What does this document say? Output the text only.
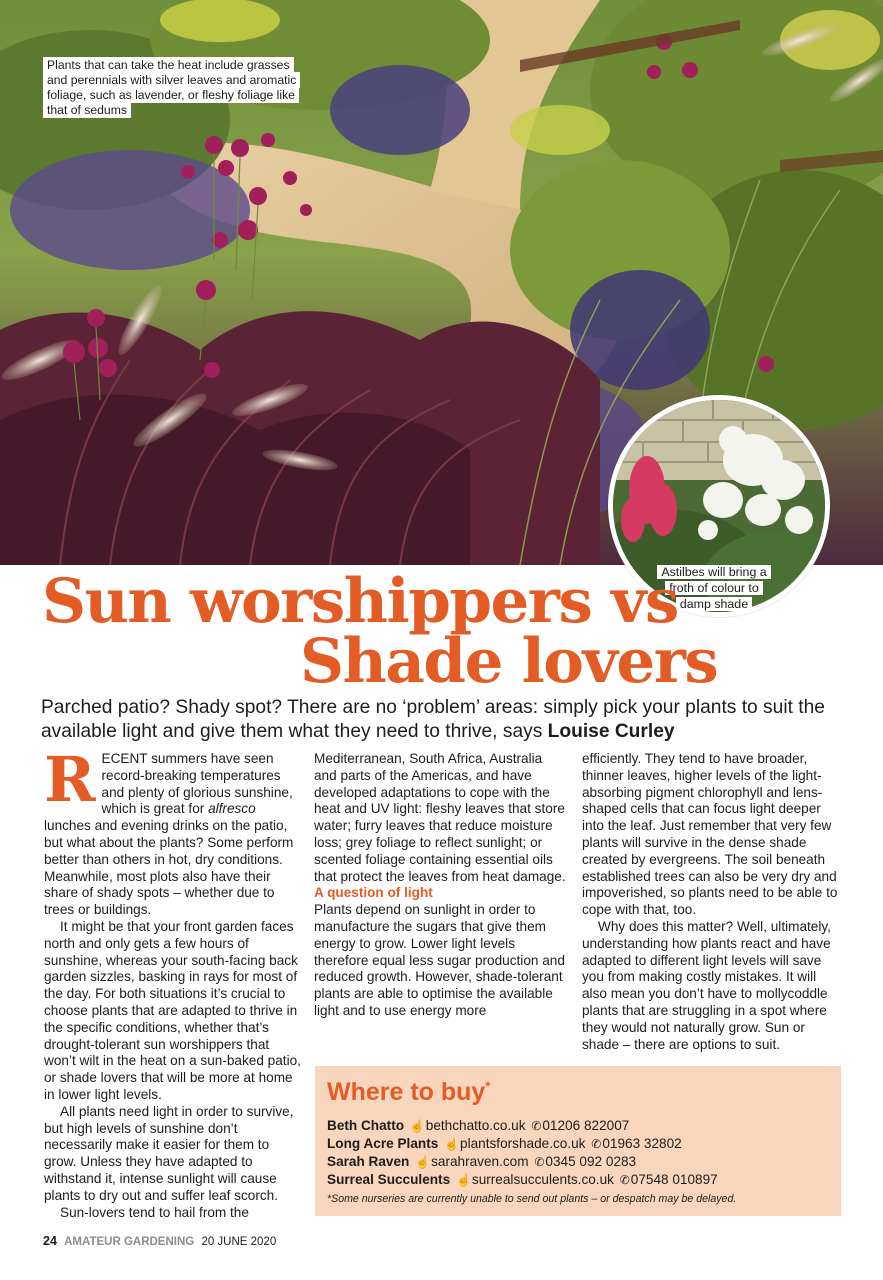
Plants that can take the heat include grasses and perennials with silver leaves and aromatic foliage, such as lavender, or fleshy foliage like that of sedums
Astilbes will bring a froth of colour to damp shade
Sun worshippers vs
Shade lovers
Parched patio? Shady spot? There are no ‘problem’ areas: simply pick your plants to suit the available light and give them what they need to thrive, says Louise Curley

RECENT summers have seen record-breaking temperatures and plenty of glorious sunshine, which is great for alfresco lunches and evening drinks on the patio, but what about the plants? Some perform better than others in hot, dry conditions. Meanwhile, most plots also have their share of shady spots – whether due to trees or buildings.

It might be that your front garden faces north and only gets a few hours of sunshine, whereas your south-facing back garden sizzles, basking in rays for most of the day. For both situations it’s crucial to choose plants that are adapted to thrive in the specific conditions, whether that’s drought-tolerant sun worshippers that won’t wilt in the heat on a sun-baked patio, or shade lovers that will be more at home in lower light levels.

All plants need light in order to survive, but high levels of sunshine don’t necessarily make it easier for them to grow. Unless they have adapted to withstand it, intense sunlight will cause plants to dry out and suffer leaf scorch.

Sun-lovers tend to hail from the

Mediterranean, South Africa, Australia and parts of the Americas, and have developed adaptations to cope with the heat and UV light: fleshy leaves that store water; furry leaves that reduce moisture loss; grey foliage to reflect sunlight; or scented foliage containing essential oils that protect the leaves from heat damage.

A question of light

Plants depend on sunlight in order to manufacture the sugars that give them energy to grow. Lower light levels therefore equal less sugar production and reduced growth. However, shade-tolerant plants are able to optimise the available light and to use energy more

efficiently. They tend to have broader, thinner leaves, higher levels of the light-absorbing pigment chlorophyll and lens-shaped cells that can focus light deeper into the leaf. Just remember that very few plants will survive in the dense shade created by evergreens. The soil beneath established trees can also be very dry and impoverished, so plants need to be able to cope with that, too.

Why does this matter? Well, ultimately, understanding how plants react and have adapted to different light levels will save you from making costly mistakes. It will also mean you don’t have to mollycoddle plants that are struggling in a spot where they would not naturally grow. Sun or shade – there are options to suit.

Where to buy*
Beth Chatto ☝bethchatto.co.uk ✆01206 822007
Long Acre Plants ☝plantsforshade.co.uk ✆01963 32802
Sarah Raven ☝sarahraven.com ✆0345 092 0283
Surreal Succulents ☝surrealsucculents.co.uk ✆07548 010897

*Some nurseries are currently unable to send out plants – or despatch may be delayed.

24 AMATEUR GARDENING 20 JUNE 2020
